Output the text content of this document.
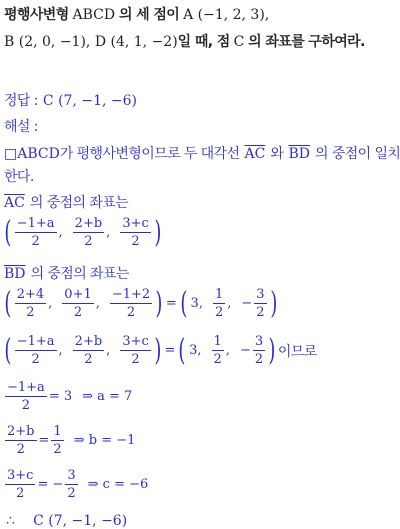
평행사변형 ABCD 의 세 점이 A (−1, 2, 3),
B (2, 0, −1), D (4, 1, −2)일 때, 점 C 의 좌표를 구하여라.
정답 : C (7, −1, −6)
해설 :
□ABCD가 평행사변형이므로 두 대각선 $\overline{AC}$ 와 $\overline{BD}$ 의 중점이 일치
한다.
$\overline{AC}$ 의 중점의 좌표는
( $\frac{-1+a}{2}$ , $\frac{2+b}{2}$ , $\frac{3+c}{2}$ )
$\overline{BD}$ 의 중점의 좌표는
( $\frac{2+4}{2}$ , $\frac{0+1}{2}$ , $\frac{-1+2}{2}$ ) = ( 3, $\frac{1}{2}$ , − $\frac{3}{2}$ )
( $\frac{-1+a}{2}$ , $\frac{2+b}{2}$ , $\frac{3+c}{2}$ ) = ( 3, $\frac{1}{2}$ , − $\frac{3}{2}$ ) 이므로
$\frac{-1+a}{2} = 3$ ⇒ a = 7
$\frac{2+b}{2} = \frac{1}{2}$ ⇒ b = −1
$\frac{3+c}{2}$ = − $\frac{3}{2}$ ⇒ c = −6
∴ C (7, −1, −6)
